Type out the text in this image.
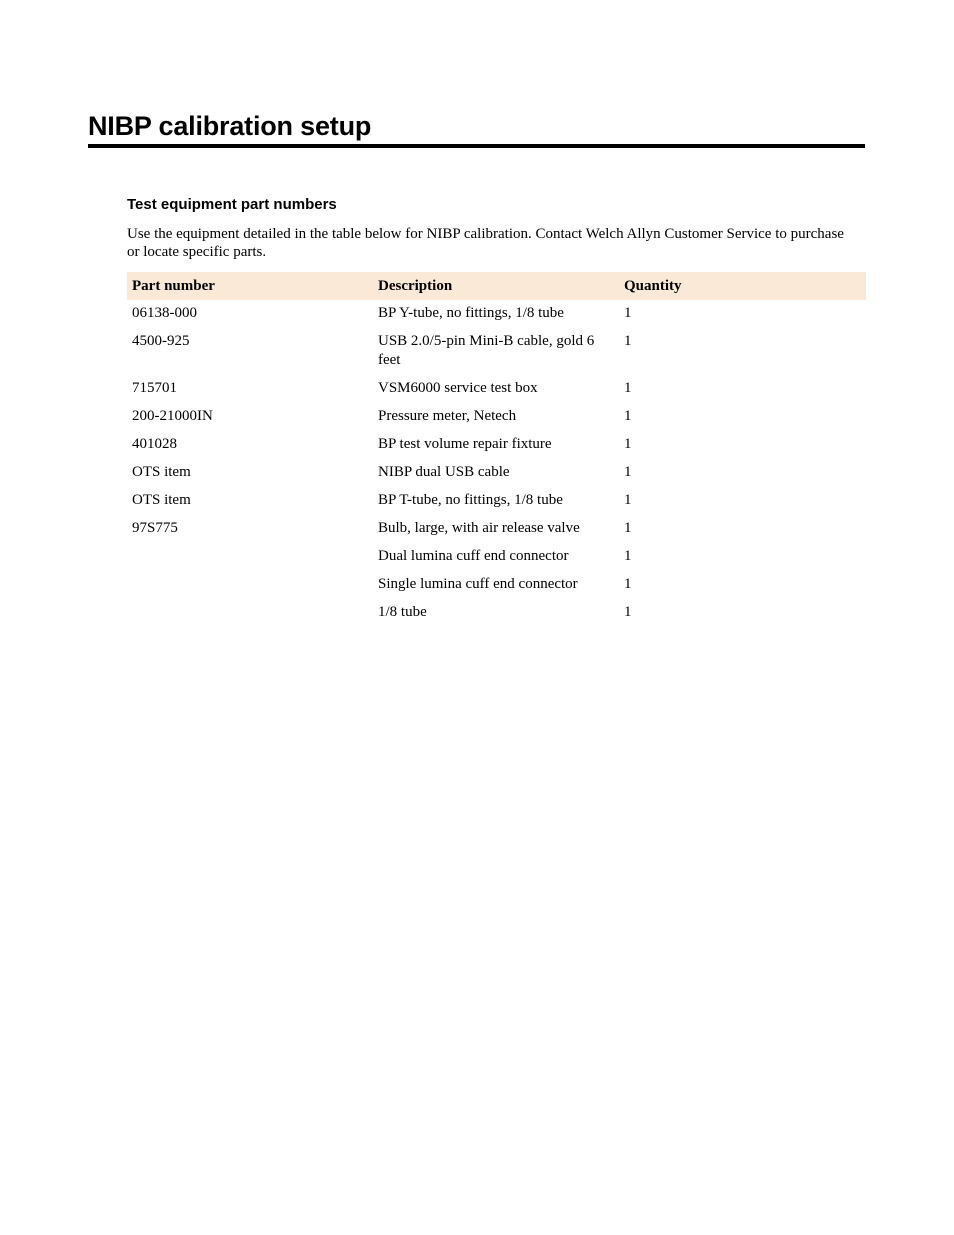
NIBP calibration setup
Test equipment part numbers

Use the equipment detailed in the table below for NIBP calibration. Contact Welch Allyn Customer Service to purchase or locate specific parts.

Part number	Description	Quantity
06138-000	BP Y-tube, no fittings, 1/8 tube	1
4500-925	USB 2.0/5-pin Mini-B cable, gold 6 feet	1
715701	VSM6000 service test box	1
200-21000IN	Pressure meter, Netech	1
401028	BP test volume repair fixture	1
OTS item	NIBP dual USB cable	1
OTS item	BP T-tube, no fittings, 1/8 tube	1
97S775	Bulb, large, with air release valve	1
	Dual lumina cuff end connector	1
	Single lumina cuff end connector	1
	1/8 tube	1
